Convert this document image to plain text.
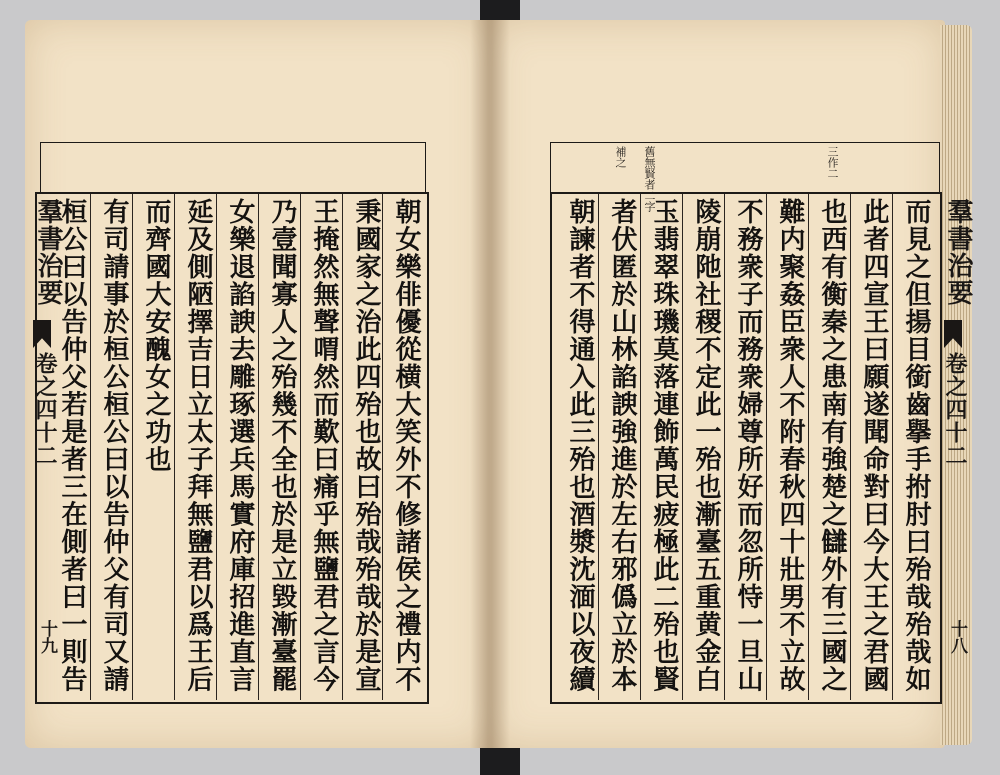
桓公曰以告仲父若是者三在側者曰一則告 有司請事於桓公桓公曰以告仲父有司又請 而齊國大安醜女之功也 延及側陋擇吉日立太子拜無鹽君以爲王后 女樂退諂諛去雕琢選兵馬實府庫招進直言 乃壹聞寡人之殆幾不全也於是立毀漸臺罷 王掩然無聲喟然而歎曰痛乎無鹽君之言今 秉國家之治此四殆也故曰殆哉殆哉於是宣 朝女樂俳優從横大笑外不修諸侯之禮内不
羣書治要
卷之四十二
十九
三作二
舊無賢者二字
補之
朝諫者不得通入此三殆也酒漿沈湎以夜續 者伏匿於山林諂諛強進於左右邪僞立於本 玉翡翠珠璣莫落連飾萬民疲極此二殆也賢 陵崩阤社稷不定此一殆也漸臺五重黄金白 不務衆子而務衆婦尊所好而忽所恃一旦山 難内聚姦臣衆人不附春秋四十壯男不立故 也西有衡秦之患南有強楚之讎外有三國之 此者四宣王曰願遂聞命對曰今大王之君國 而見之但揚目銜齒擧手拊肘曰殆哉殆哉如 羣書治要
卷之四十二
十八
